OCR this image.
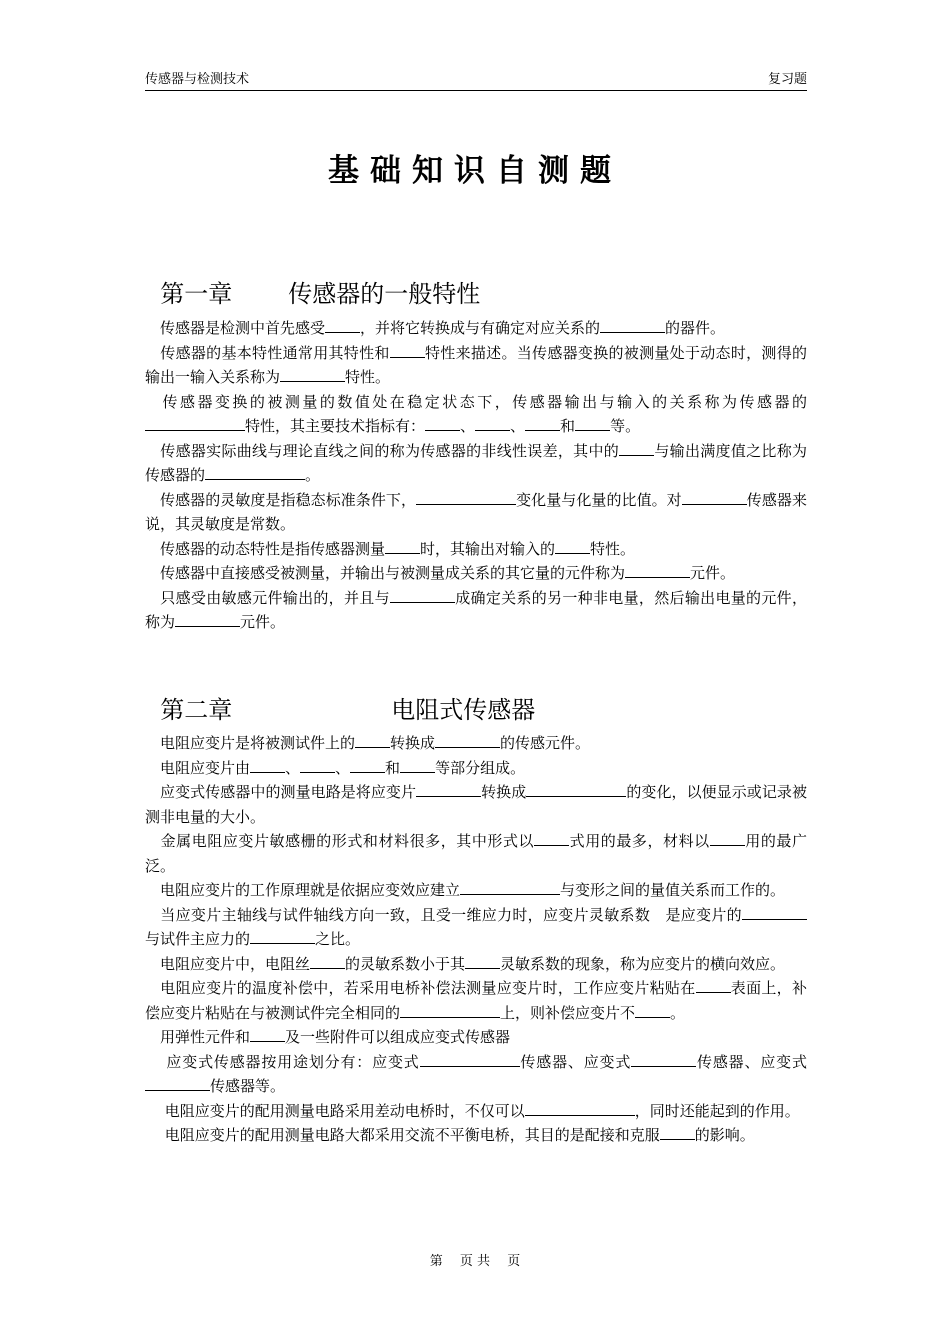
传感器与检测技术	复习题
基础知识自测题

第一章 传感器的一般特性

　传感器是检测中首先感受 ，并将它转换成与有确定对应关系的	的器件。

　传感器的基本特性通常用其特性和 特性来描述。当传感器变换的被测量处于动态时，测得的输出一输入关系称为	特性。

　传感器变换的被测量的数值处在稳定状态下，传感器输出与输入的关系称为传感器的特性，其主要技术指标有： 、 、 和 等。

　传感器实际曲线与理论直线之间的称为传感器的非线性误差，其中的 与输出满度值之比称为传感器的	。

　传感器的灵敏度是指稳态标准条件下，	变化量与化量的比值。对	传感器来说，其灵敏度是常数。

　传感器的动态特性是指传感器测量 时，其输出对输入的 特性。

　传感器中直接感受被测量，并输出与被测量成关系的其它量的元件称为	元件。

　只感受由敏感元件输出的，并且与	成确定关系的另一种非电量，然后输出电量的元件，称为	元件。

第二章	电阻式传感器

　电阻应变片是将被测试件上的 转换成	的传感元件。

　电阻应变片由 、 、 和 等部分组成。

　应变式传感器中的测量电路是将应变片	转换成	的变化，以便显示或记录被测非电量的大小。

　金属电阻应变片敏感栅的形式和材料很多，其中形式以 式用的最多，材料以 用的最广泛。

　电阻应变片的工作原理就是依据应变效应建立	与变形之间的量值关系而工作的。

　当应变片主轴线与试件轴线方向一致，且受一维应力时，应变片灵敏系数　是应变片的与试件主应力的	之比。

　电阻应变片中，电阻丝 的灵敏系数小于其 灵敏系数的现象，称为应变片的横向效应。

　电阻应变片的温度补偿中，若采用电桥补偿法测量应变片时，工作应变片粘贴在 表面上，补偿应变片粘贴在与被测试件完全相同的	上，则补偿应变片不 。

　用弹性元件和 及一些附件可以组成应变式传感器

　 应变式传感器按用途划分有：应变式	传感器、应变式	传感器、应变式传感器等。

　 电阻应变片的配用测量电路采用差动电桥时，不仅可以	，同时还能起到的作用。

　 电阻应变片的配用测量电路大都采用交流不平衡电桥，其目的是配接和克服 的影响。

第　 页 共　 页
